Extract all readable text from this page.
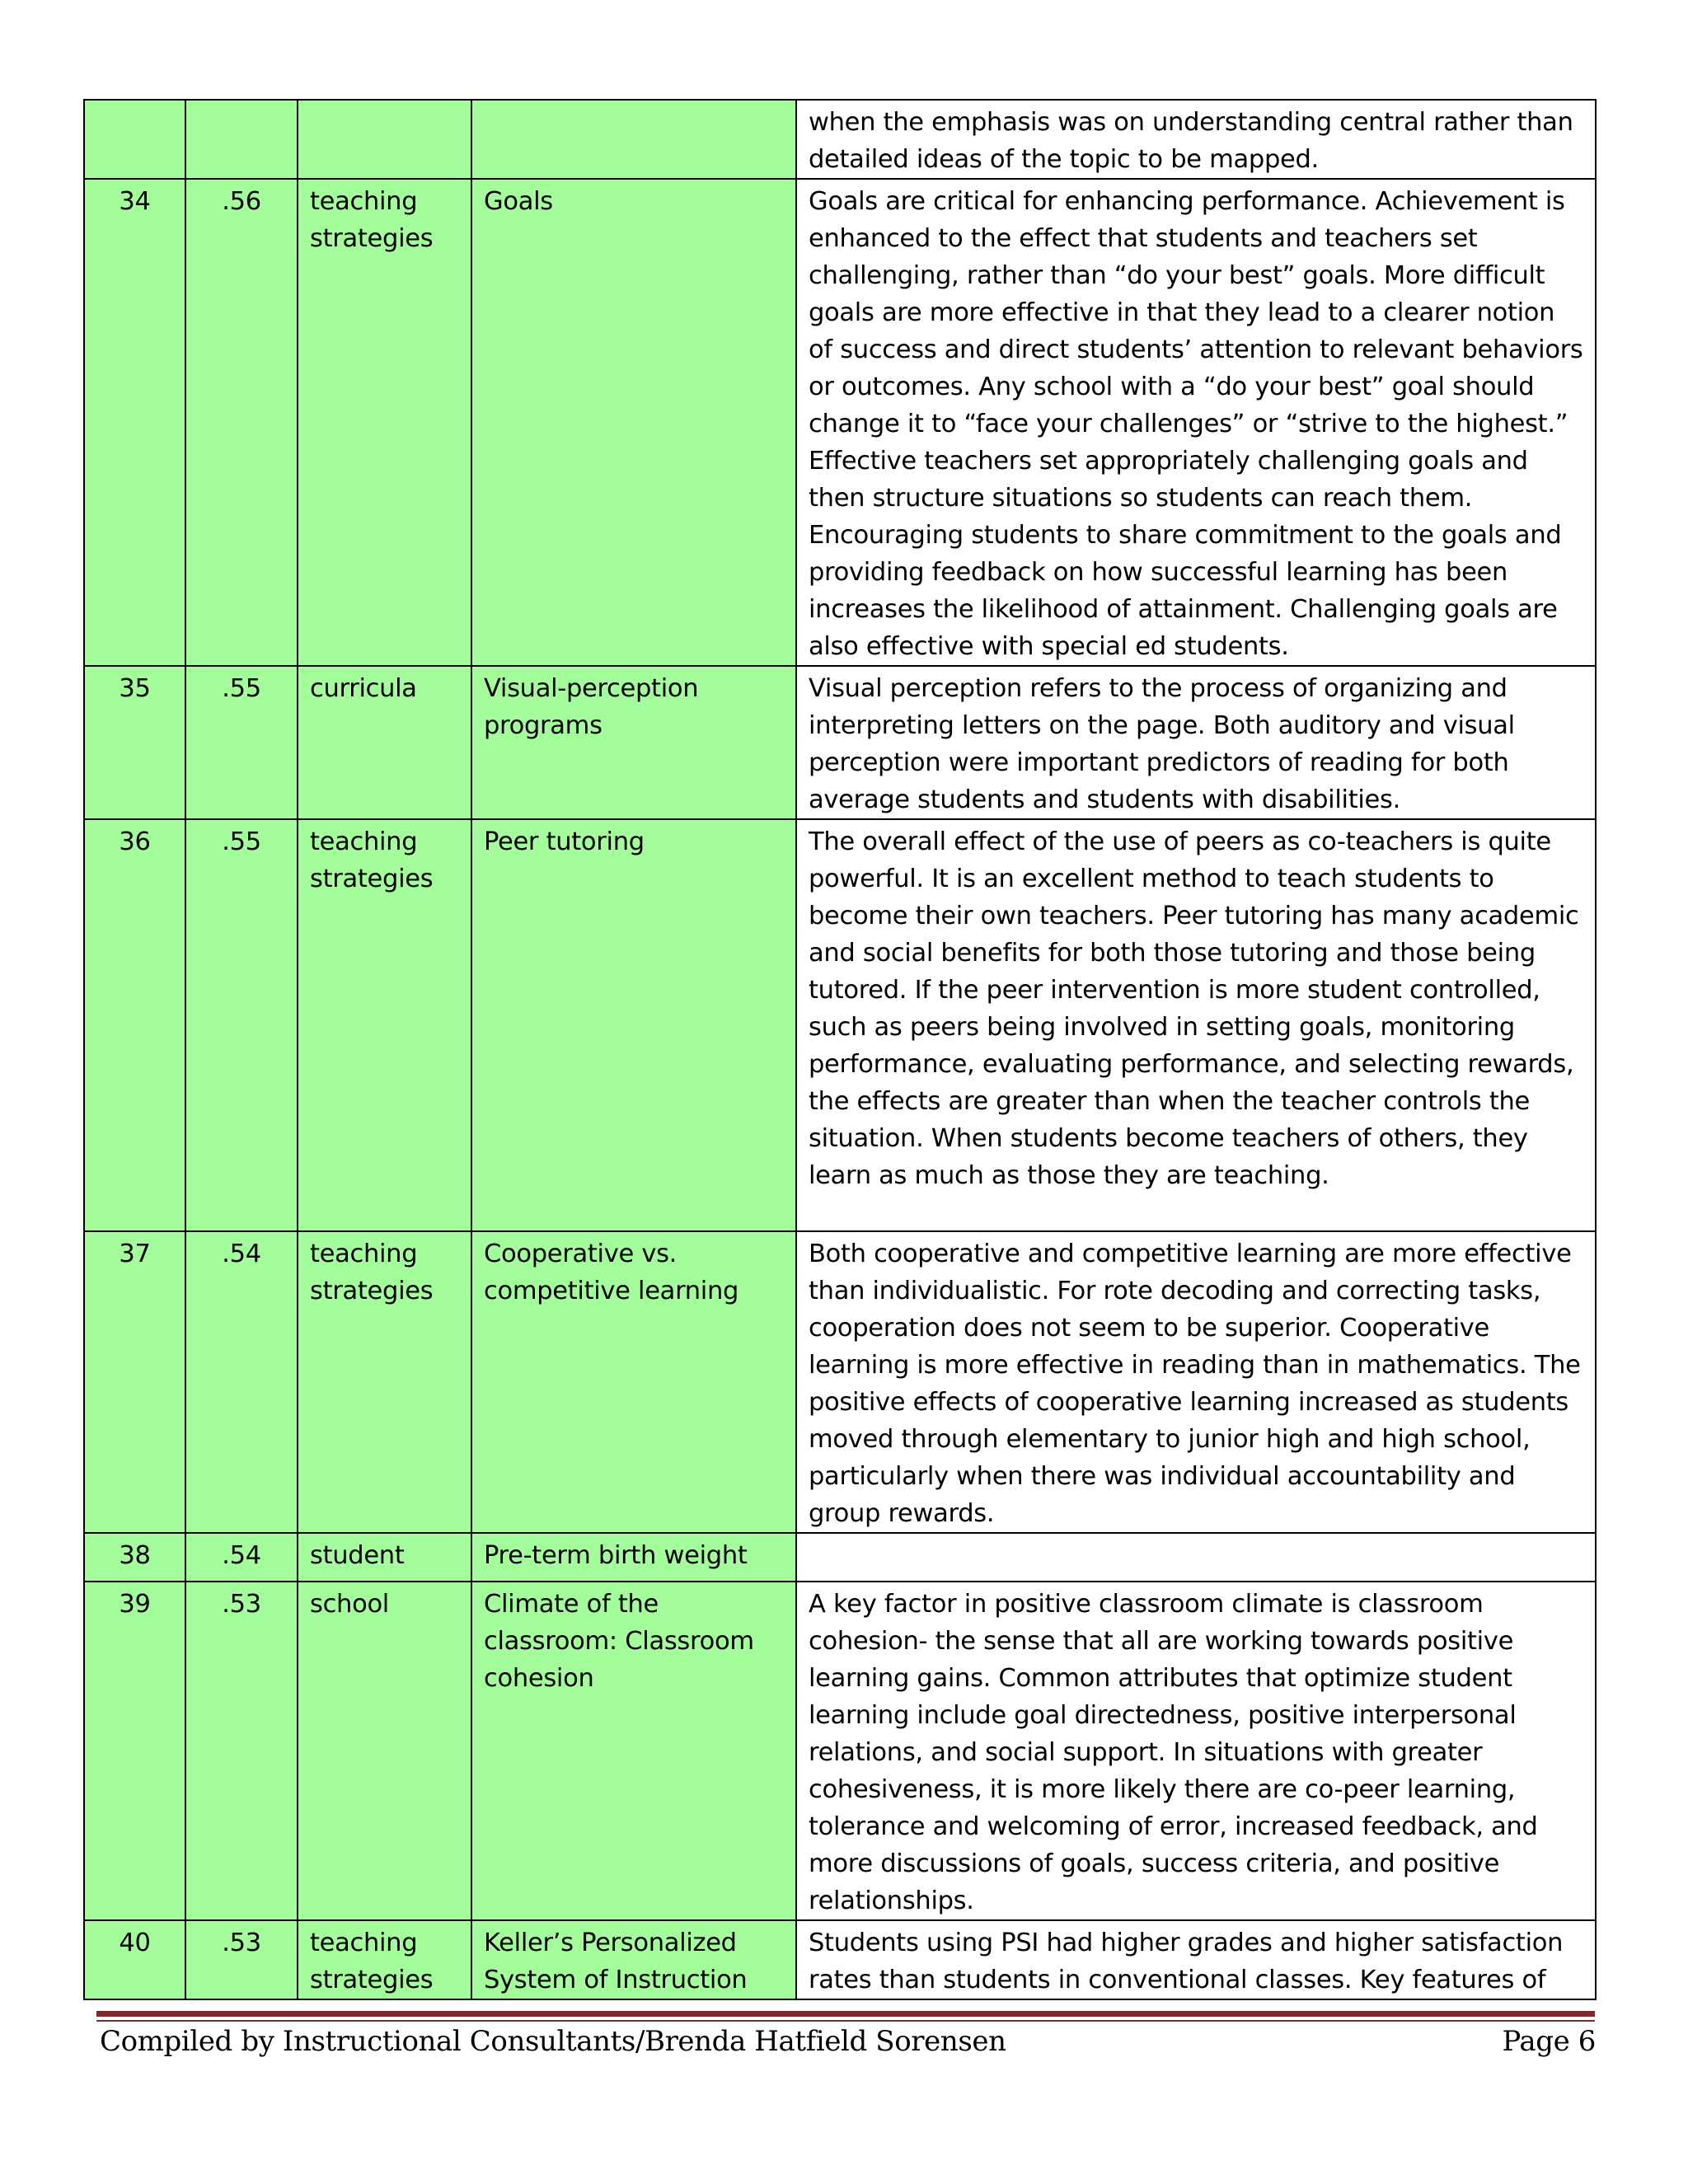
				when the emphasis was on understanding central rather than detailed ideas of the topic to be mapped.
34	.56	teaching strategies	Goals	Goals are critical for enhancing performance. Achievement is enhanced to the effect that students and teachers set challenging, rather than “do your best” goals. More difficult goals are more effective in that they lead to a clearer notion of success and direct students’ attention to relevant behaviors or outcomes. Any school with a “do your best” goal should change it to “face your challenges” or “strive to the highest.” Effective teachers set appropriately challenging goals and then structure situations so students can reach them. Encouraging students to share commitment to the goals and providing feedback on how successful learning has been increases the likelihood of attainment. Challenging goals are also effective with special ed students.
35	.55	curricula	Visual-perception programs	Visual perception refers to the process of organizing and interpreting letters on the page. Both auditory and visual perception were important predictors of reading for both average students and students with disabilities.
36	.55	teaching strategies	Peer tutoring	The overall effect of the use of peers as co-teachers is quite powerful. It is an excellent method to teach students to become their own teachers. Peer tutoring has many academic and social benefits for both those tutoring and those being tutored. If the peer intervention is more student controlled, such as peers being involved in setting goals, monitoring performance, evaluating performance, and selecting rewards, the effects are greater than when the teacher controls the situation. When students become teachers of others, they learn as much as those they are teaching.
37	.54	teaching strategies	Cooperative vs. competitive learning	Both cooperative and competitive learning are more effective than individualistic. For rote decoding and correcting tasks, cooperation does not seem to be superior. Cooperative learning is more effective in reading than in mathematics. The positive effects of cooperative learning increased as students moved through elementary to junior high and high school, particularly when there was individual accountability and group rewards.
38	.54	student	Pre-term birth weight	
39	.53	school	Climate of the classroom: Classroom cohesion	A key factor in positive classroom climate is classroom cohesion- the sense that all are working towards positive learning gains. Common attributes that optimize student learning include goal directedness, positive interpersonal relations, and social support. In situations with greater cohesiveness, it is more likely there are co-peer learning, tolerance and welcoming of error, increased feedback, and more discussions of goals, success criteria, and positive relationships.
40	.53	teaching strategies	Keller’s Personalized System of Instruction	Students using PSI had higher grades and higher satisfaction rates than students in conventional classes. Key features of
Compiled by Instructional Consultants/Brenda Hatfield Sorensen	Page 6
